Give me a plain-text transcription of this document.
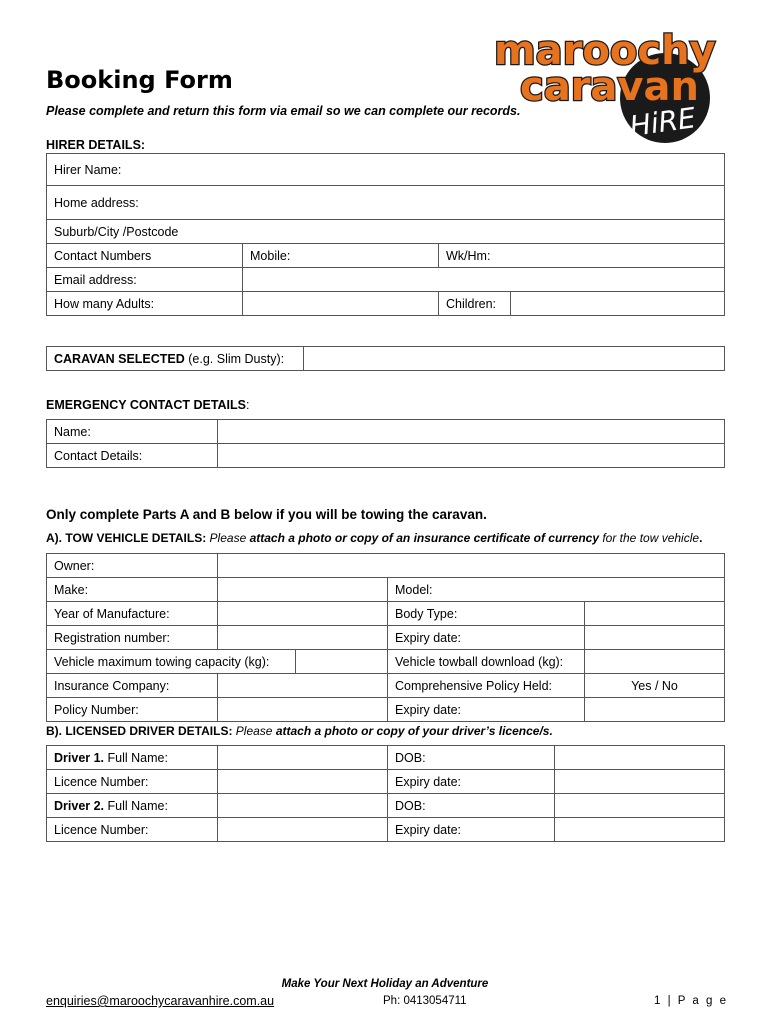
maroochy
caravan
HiRE
Booking Form
Please complete and return this form via email so we can complete our records.
HIRER DETAILS:
Hirer Name:			
Home address:			
Suburb/City /Postcode			
Contact Numbers	Mobile:	Wk/Hm:	
Email address:			
How many Adults:		Children:	
CARAVAN SELECTED (e.g. Slim Dusty):	
EMERGENCY CONTACT DETAILS:
Name:	
Contact Details:	
Only complete Parts A and B below if you will be towing the caravan.
A). TOW VEHICLE DETAILS: Please attach a photo or copy of an insurance certificate of currency for the tow vehicle.
Owner:				
Make:			Model:	
Year of Manufacture:			Body Type:	
Registration number:			Expiry date:	
Vehicle maximum towing capacity (kg):			Vehicle towball download (kg):	
Insurance Company:			Comprehensive Policy Held:	Yes / No
Policy Number:			Expiry date:	
B). LICENSED DRIVER DETAILS: Please attach a photo or copy of your driver’s licence/s.
Driver 1. Full Name:		DOB:	
Licence Number:		Expiry date:	
Driver 2. Full Name:		DOB:	
Licence Number:		Expiry date:	
Make Your Next Holiday an Adventure
enquiries@maroochycaravanhire.com.au	Ph: 0413054711	1 | P a g e
